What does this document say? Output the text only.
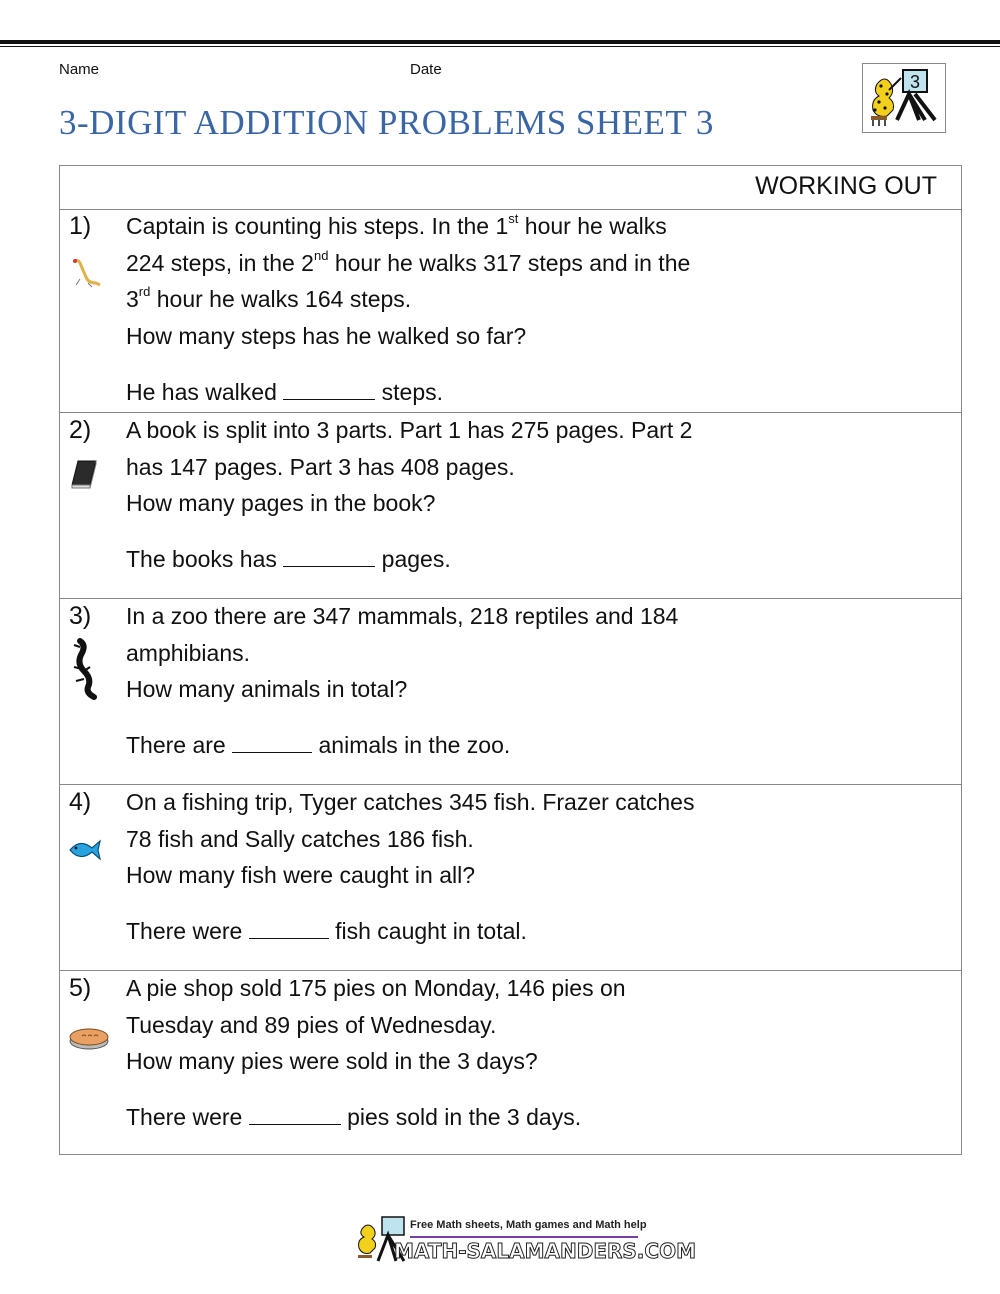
Name	Date
3-DIGIT ADDITION PROBLEMS SHEET 3
3
WORKING OUT
1) Captain is counting his steps. In the 1st hour he walks
224 steps, in the 2nd hour he walks 317 steps and in the
3rd hour he walks 164 steps.
How many steps has he walked so far?
He has walked	steps.
2) A book is split into 3 parts. Part 1 has 275 pages. Part 2
has 147 pages. Part 3 has 408 pages.
How many pages in the book?
The books has	pages.
3) In a zoo there are 347 mammals, 218 reptiles and 184
amphibians.
How many animals in total?
There are	animals in the zoo.
4) On a fishing trip, Tyger catches 345 fish. Frazer catches
78 fish and Sally catches 186 fish.
How many fish were caught in all?
There were	fish caught in total.
5) A pie shop sold 175 pies on Monday, 146 pies on
Tuesday and 89 pies of Wednesday.
How many pies were sold in the 3 days?
There were	pies sold in the 3 days.
Free Math sheets, Math games and Math help
MATH-SALAMANDERS.COM
